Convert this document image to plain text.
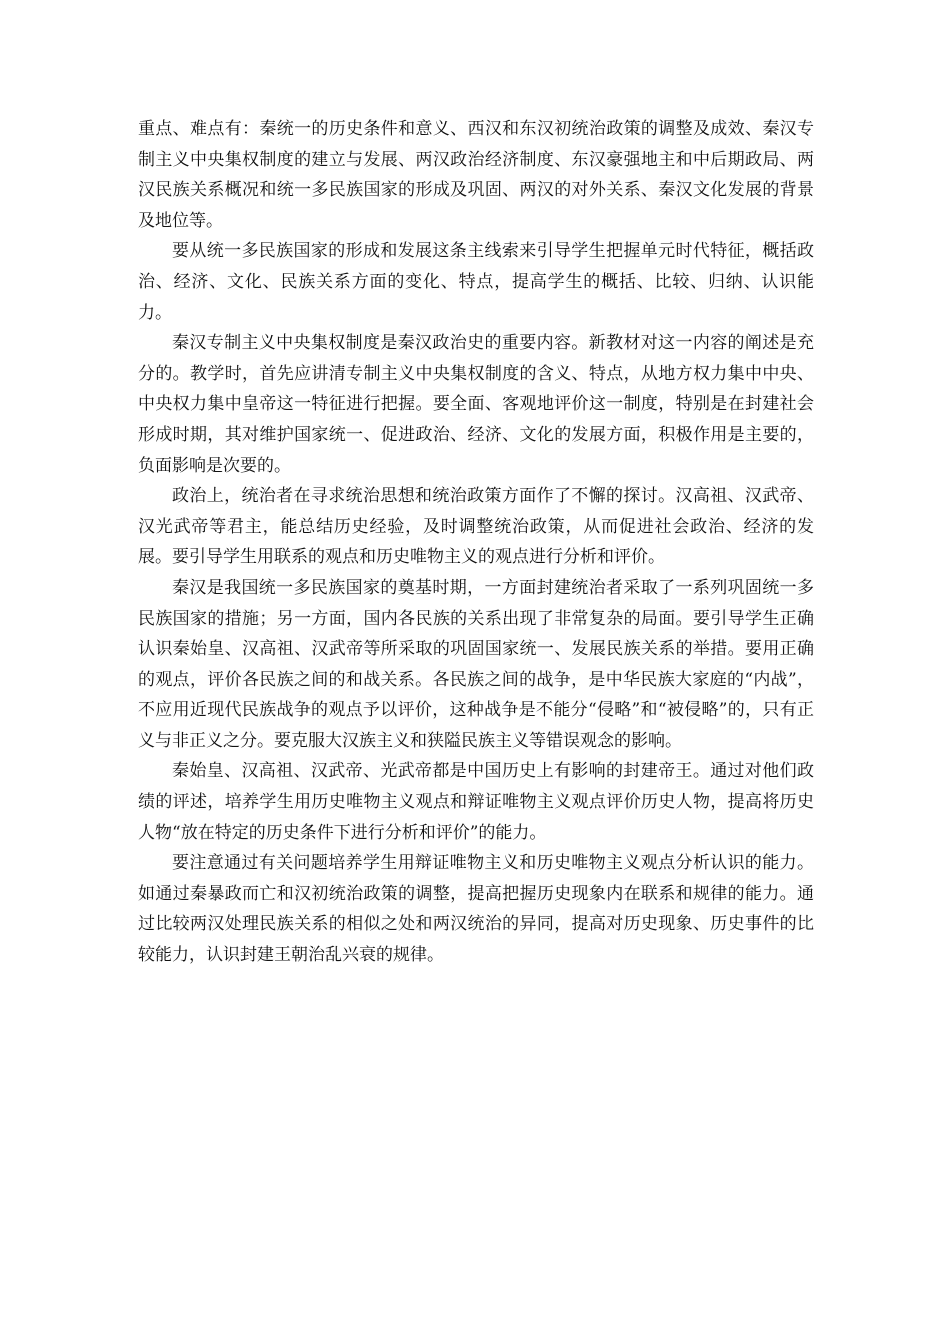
重点、难点有：秦统一的历史条件和意义、西汉和东汉初统治政策的调整及成效、秦汉专制主义中央集权制度的建立与发展、两汉政治经济制度、东汉豪强地主和中后期政局、两汉民族关系概况和统一多民族国家的形成及巩固、两汉的对外关系、秦汉文化发展的背景及地位等。

要从统一多民族国家的形成和发展这条主线索来引导学生把握单元时代特征，概括政治、经济、文化、民族关系方面的变化、特点，提高学生的概括、比较、归纳、认识能力。

秦汉专制主义中央集权制度是秦汉政治史的重要内容。新教材对这一内容的阐述是充分的。教学时，首先应讲清专制主义中央集权制度的含义、特点，从地方权力集中中央、中央权力集中皇帝这一特征进行把握。要全面、客观地评价这一制度，特别是在封建社会形成时期，其对维护国家统一、促进政治、经济、文化的发展方面，积极作用是主要的，负面影响是次要的。

政治上，统治者在寻求统治思想和统治政策方面作了不懈的探讨。汉高祖、汉武帝、汉光武帝等君主，能总结历史经验，及时调整统治政策，从而促进社会政治、经济的发展。要引导学生用联系的观点和历史唯物主义的观点进行分析和评价。

秦汉是我国统一多民族国家的奠基时期，一方面封建统治者采取了一系列巩固统一多民族国家的措施；另一方面，国内各民族的关系出现了非常复杂的局面。要引导学生正确认识秦始皇、汉高祖、汉武帝等所采取的巩固国家统一、发展民族关系的举措。要用正确的观点，评价各民族之间的和战关系。各民族之间的战争，是中华民族大家庭的“内战”，不应用近现代民族战争的观点予以评价，这种战争是不能分“侵略”和“被侵略”的，只有正义与非正义之分。要克服大汉族主义和狭隘民族主义等错误观念的影响。

秦始皇、汉高祖、汉武帝、光武帝都是中国历史上有影响的封建帝王。通过对他们政绩的评述，培养学生用历史唯物主义观点和辩证唯物主义观点评价历史人物，提高将历史人物“放在特定的历史条件下进行分析和评价”的能力。

要注意通过有关问题培养学生用辩证唯物主义和历史唯物主义观点分析认识的能力。如通过秦暴政而亡和汉初统治政策的调整，提高把握历史现象内在联系和规律的能力。通过比较两汉处理民族关系的相似之处和两汉统治的异同，提高对历史现象、历史事件的比较能力，认识封建王朝治乱兴衰的规律。
